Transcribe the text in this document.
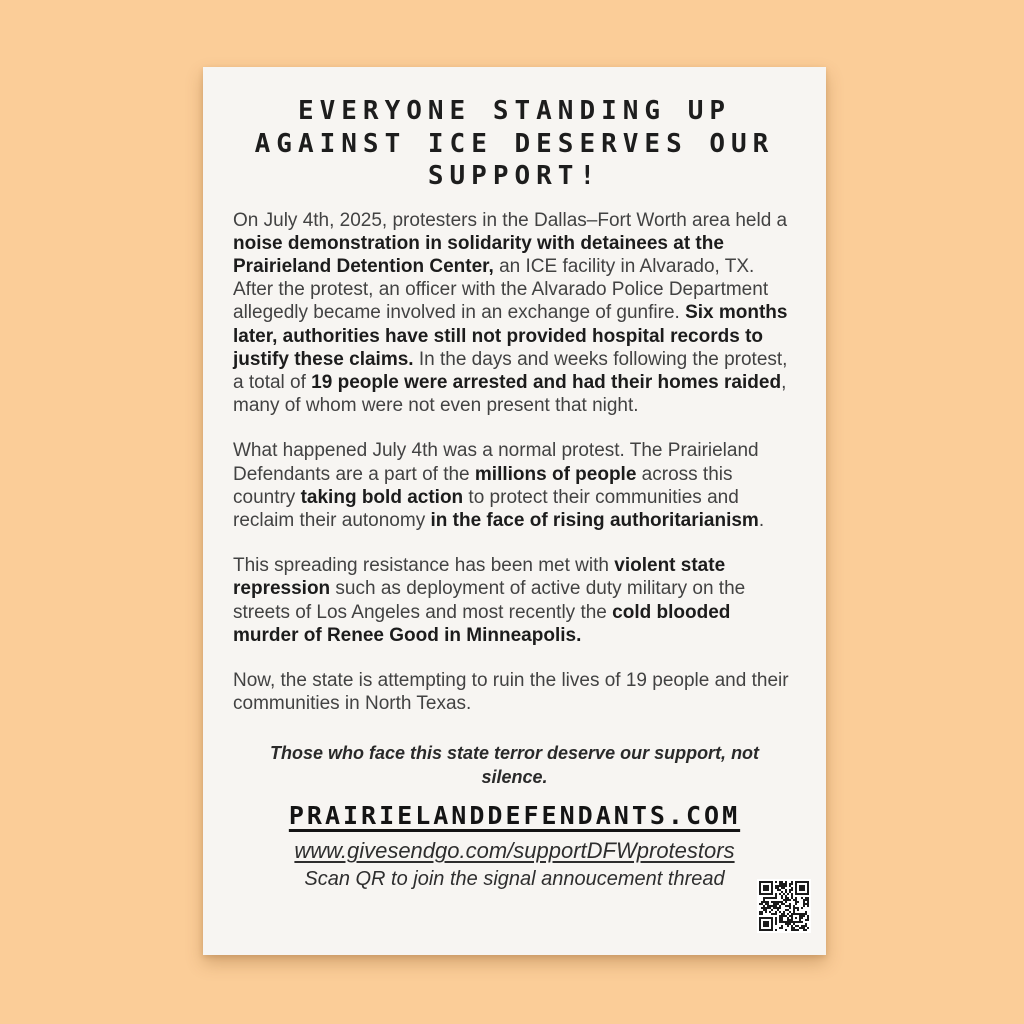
EVERYONE STANDING UP AGAINST ICE DESERVES OUR SUPPORT!

On July 4th, 2025, protesters in the Dallas–Fort Worth area held a noise demonstration in solidarity with detainees at the Prairieland Detention Center, an ICE facility in Alvarado, TX. After the protest, an officer with the Alvarado Police Department allegedly became involved in an exchange of gunfire. Six months later, authorities have still not provided hospital records to justify these claims. In the days and weeks following the protest, a total of 19 people were arrested and had their homes raided, many of whom were not even present that night.

What happened July 4th was a normal protest. The Prairieland Defendants are a part of the millions of people across this country taking bold action to protect their communities and reclaim their autonomy in the face of rising authoritarianism.

This spreading resistance has been met with violent state repression such as deployment of active duty military on the streets of Los Angeles and most recently the cold blooded murder of Renee Good in Minneapolis.

Now, the state is attempting to ruin the lives of 19 people and their communities in North Texas.

Those who face this state terror deserve our support, not silence.

PRAIRIELANDDEFENDANTS.COM
www.givesendgo.com/supportDFWprotestors
Scan QR to join the signal annoucement thread
